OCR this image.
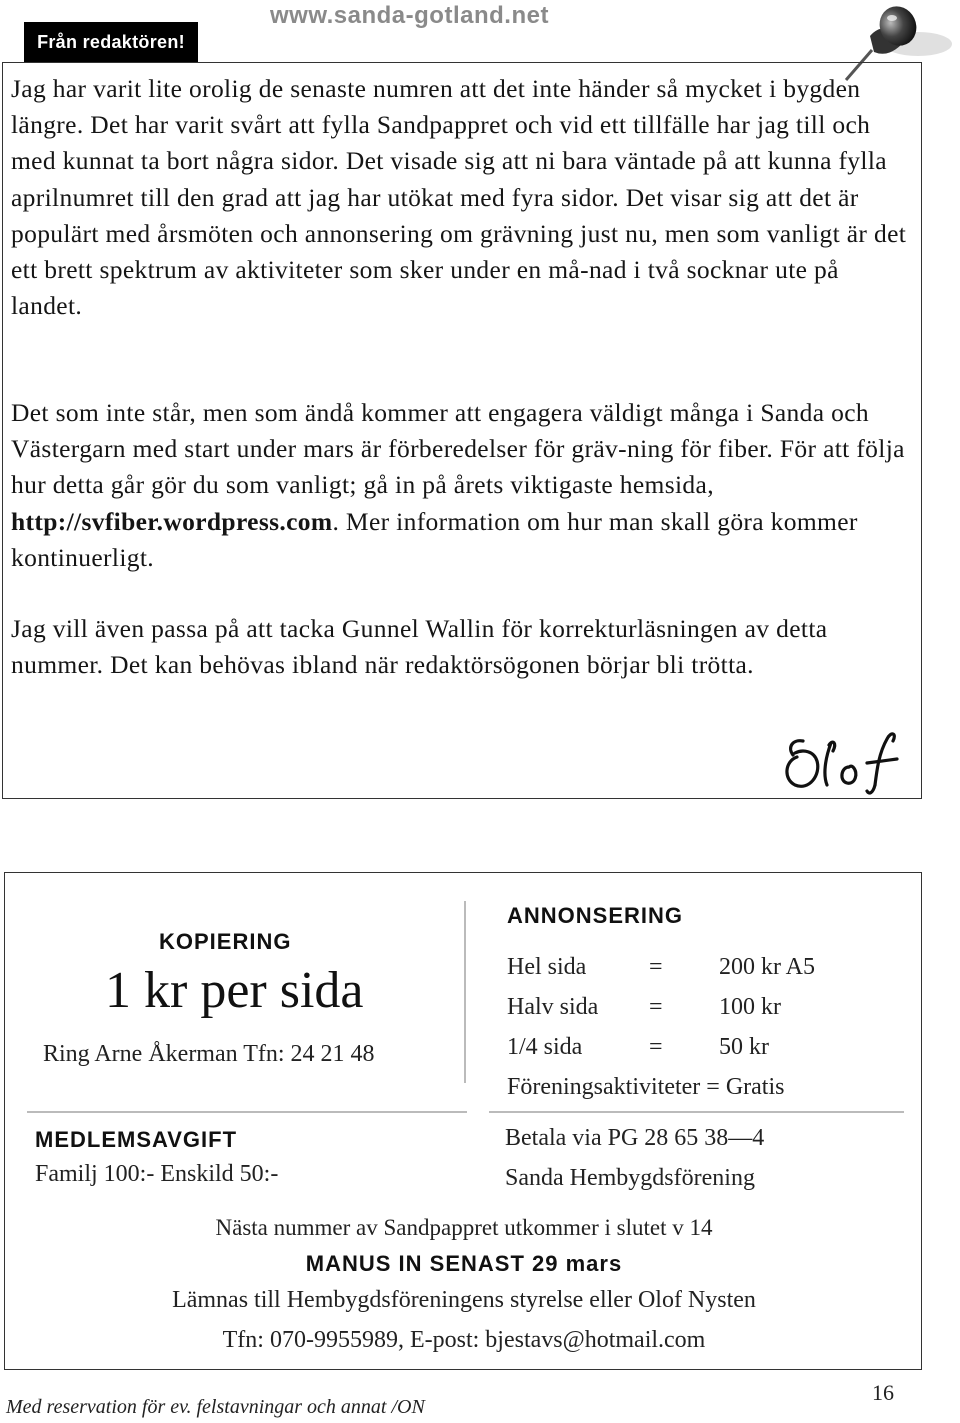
Från redaktören!
www.sanda-gotland.net

Jag har varit lite orolig de senaste numren att det inte händer så mycket i bygden längre. Det har varit svårt att fylla Sandpappret och vid ett tillfälle har jag till och med kunnat ta bort några sidor. Det visade sig att ni bara väntade på att kunna fylla aprilnumret till den grad att jag har utökat med fyra sidor. Det visar sig att det är populärt med årsmöten och annonsering om grävning just nu, men som vanligt är det ett brett spektrum av aktiviteter som sker under en må-nad i två socknar ute på landet.

Det som inte står, men som ändå kommer att engagera väldigt många i Sanda och Västergarn med start under mars är förberedelser för gräv-ning för fiber. För att följa hur detta går gör du som vanligt; gå in på årets viktigaste hemsida, http://svfiber.wordpress.com. Mer information om hur man skall göra kommer kontinuerligt.

Jag vill även passa på att tacka Gunnel Wallin för korrekturläsningen av detta nummer. Det kan behövas ibland när redaktörsögonen börjar bli trötta.

KOPIERING
1 kr per sida
Ring Arne Åkerman Tfn: 24 21 48
ANNONSERING
Hel sida	= 200 kr A5
Halv sida = 100 kr
1/4 sida	= 50 kr
Föreningsaktiviteter = Gratis
MEDLEMSAVGIFT
Familj 100:- Enskild 50:-
Betala via PG 28 65 38—4
Sanda Hembygdsförening
Nästa nummer av Sandpappret utkommer i slutet v 14
MANUS IN SENAST 29 mars
Lämnas till Hembygdsföreningens styrelse eller Olof Nysten
Tfn: 070-9955989, E-post: bjestavs@hotmail.com
Med reservation för ev. felstavningar och annat /ON
16
